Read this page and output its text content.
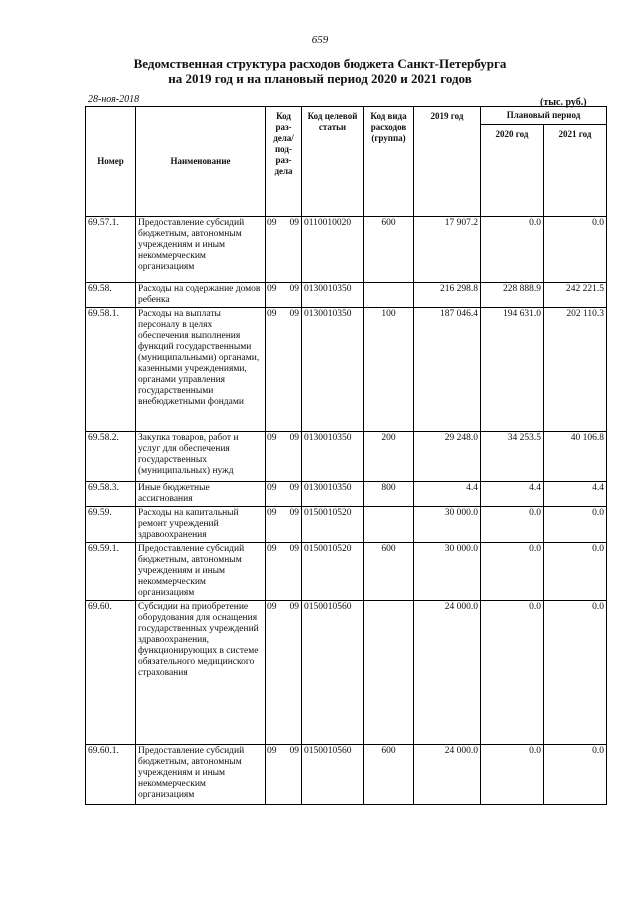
659
Ведомственная структура расходов бюджета Санкт-Петербурга
на 2019 год и на плановый период 2020 и 2021 годов
28-ноя-2018	(тыс. руб.)
Номер	Наименование	Код раз-дела/ под-раз-дела	Код целевой статьи	Код вида расходов (группа)	2019 год	Плановый период	
						2020 год	2021 год
69.57.1.	Предоставление субсидий бюджетным, автономным учреждениям и иным некоммерческим организациям	09 09	0110010020	600	17 907.2	0.0	0.0
69.58.	Расходы на содержание домов ребенка	09 09	0130010350		216 298.8	228 888.9	242 221.5
69.58.1.	Расходы на выплаты персоналу в целях обеспечения выполнения функций государственными (муниципальными) органами, казенными учреждениями, органами управления государственными внебюджетными фондами	09 09	0130010350	100	187 046.4	194 631.0	202 110.3
69.58.2.	Закупка товаров, работ и услуг для обеспечения государственных (муниципальных) нужд	09 09	0130010350	200	29 248.0	34 253.5	40 106.8
69.58.3.	Иные бюджетные ассигнования	09 09	0130010350	800	4.4	4.4	4.4
69.59.	Расходы на капитальный ремонт учреждений здравоохранения	09 09	0150010520		30 000.0	0.0	0.0
69.59.1.	Предоставление субсидий бюджетным, автономным учреждениям и иным некоммерческим организациям	09 09	0150010520	600	30 000.0	0.0	0.0
69.60.	Субсидии на приобретение оборудования для оснащения государственных учреждений здравоохранения, функционирующих в системе обязательного медицинского страхования	09 09	0150010560		24 000.0	0.0	0.0
69.60.1.	Предоставление субсидий бюджетным, автономным учреждениям и иным некоммерческим организациям	09 09	0150010560	600	24 000.0	0.0	0.0
